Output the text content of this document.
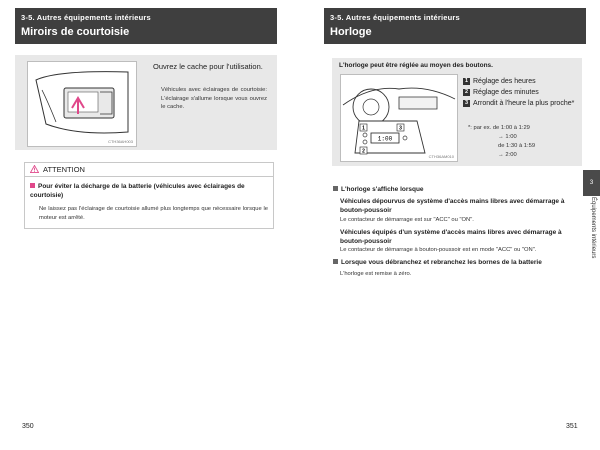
3-5. Autres équipements intérieurs
Miroirs de courtoisie
CTH36AH003
Ouvrez le cache pour l'utilisation.
Véhicules avec éclairages de courtoisie: L'éclairage s'allume lorsque vous ouvrez le cache.
ATTENTION
Pour éviter la décharge de la batterie (véhicules avec éclairages de courtoisie)
Ne laissez pas l'éclairage de courtoisie allumé plus longtemps que nécessaire lorsque le moteur est arrêté.
350
3-5. Autres équipements intérieurs
Horloge
L'horloge peut être réglée au moyen des boutons.
1
2
3
1:00
CTH36AM010
1 Réglage des heures
2 Réglage des minutes
3 Arrondit à l'heure la plus proche*
*: par ex. de 1:00 à 1:29
→ 1:00
de 1:30 à 1:59
→ 2:00
L'horloge s'affiche lorsque
Véhicules dépourvus de système d'accès mains libres avec démarrage à bouton-poussoir
Le contacteur de démarrage est sur "ACC" ou "ON".
Véhicules équipés d'un système d'accès mains libres avec démarrage à bouton-poussoir
Le contacteur de démarrage à bouton-poussoir est en mode "ACC" ou "ON".
Lorsque vous débranchez et rebranchez les bornes de la batterie
L'horloge est remise à zéro.
3
Équipements intérieurs
351
